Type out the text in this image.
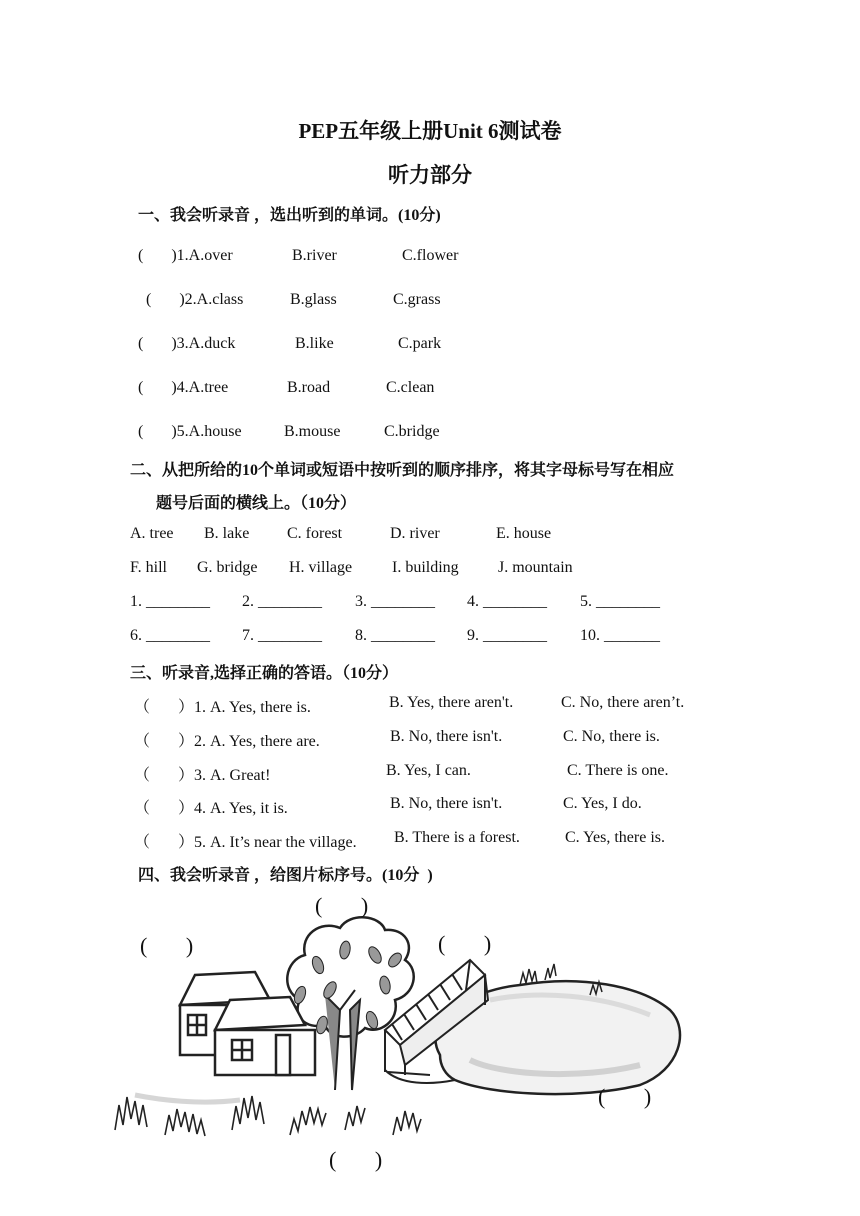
PEP五年级上册Unit 6测试卷
听力部分
一、我会听录音 ，选出听到的单词。(10分)
(       )1.A.over	B.river	C.flower
(       )2.A.class	B.glass	C.grass
(       )3.A.duck	B.like	C.park
(       )4.A.tree	B.road	C.clean
(       )5.A.house	B.mouse	C.bridge
二、从把所给的10个单词或短语中按听到的顺序排序，将其字母标号写在相应
题号后面的横线上。（10分）
A. tree B. lake C. forest	D. river	E. house
F. hill G. bridge H. village I. building J. mountain
1. ________ 2. ________ 3. ________ 4. ________ 5. ________
6. ________ 7. ________ 8. ________ 9. ________ 10. _______
三、听录音,选择正确的答语。（10分）
（       ）1. A. Yes, there is.	B. Yes, there aren't.	C. No, there aren’t.
（       ）2. A. Yes, there are.	B. No, there isn't.	C. No, there is.
（       ）3. A. Great!	B. Yes, I can.	C. There is one.
（       ）4. A. Yes, it is.	B. No, there isn't.	C. Yes, I do.
（       ）5. A. It’s near the village. B. There is a forest.	C. Yes, there is.
四、我会听录音 ，给图片标序号。(10分  )
(       )
(       )	(       )
(       )
(       )
